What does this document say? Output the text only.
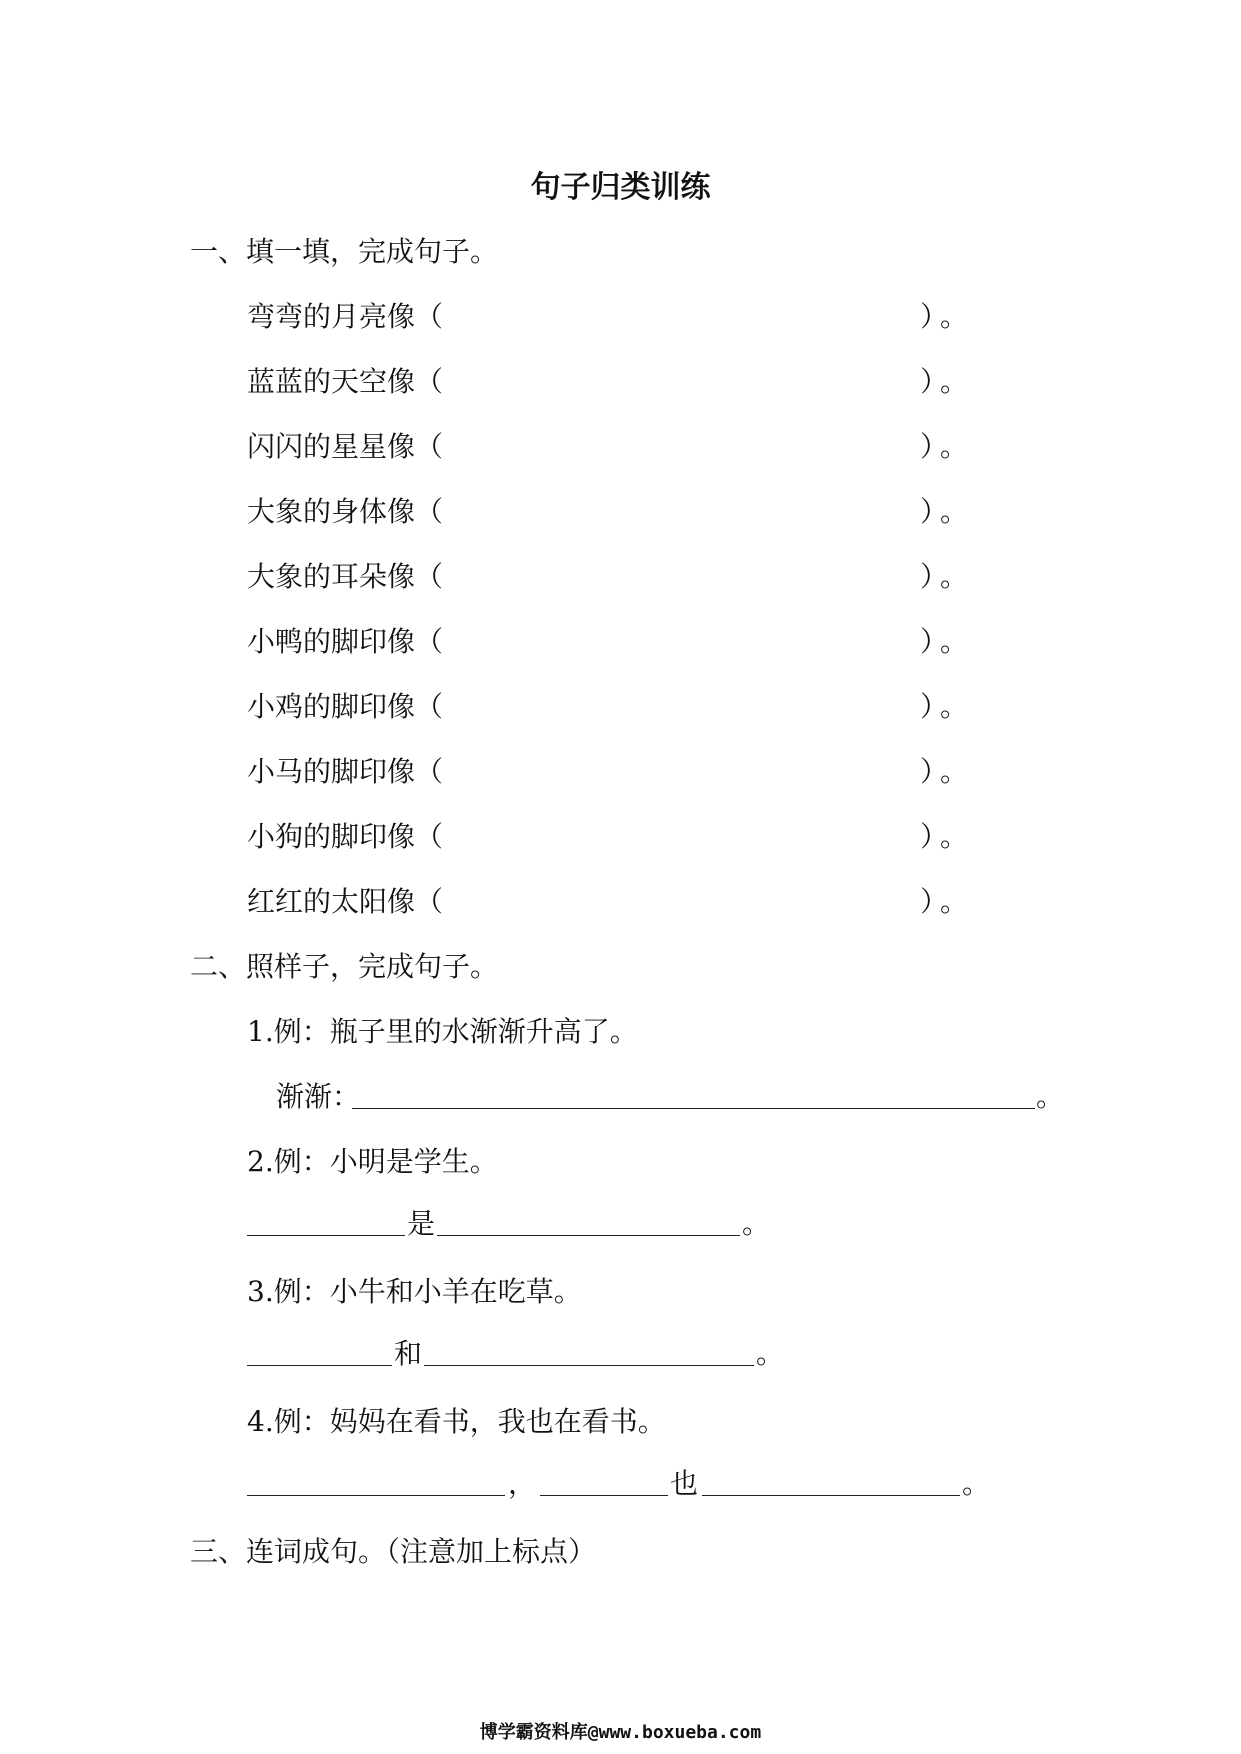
句子归类训练
一、填一填，完成句子。
弯弯的月亮像（	）。
蓝蓝的天空像（	）。
闪闪的星星像（	）。
大象的身体像（	）。
大象的耳朵像（	）。
小鸭的脚印像（	）。
小鸡的脚印像（	）。
小马的脚印像（	）。
小狗的脚印像（	）。
红红的太阳像（	）。
二、照样子，完成句子。
1.例：瓶子里的水渐渐升高了。
渐渐：	。
2.例：小明是学生。
是	。
3.例：小牛和小羊在吃草。
和	。
4.例：妈妈在看书，我也在看书。
，	也	。
三、连词成句。（注意加上标点）
博学霸资料库@www.boxueba.com
